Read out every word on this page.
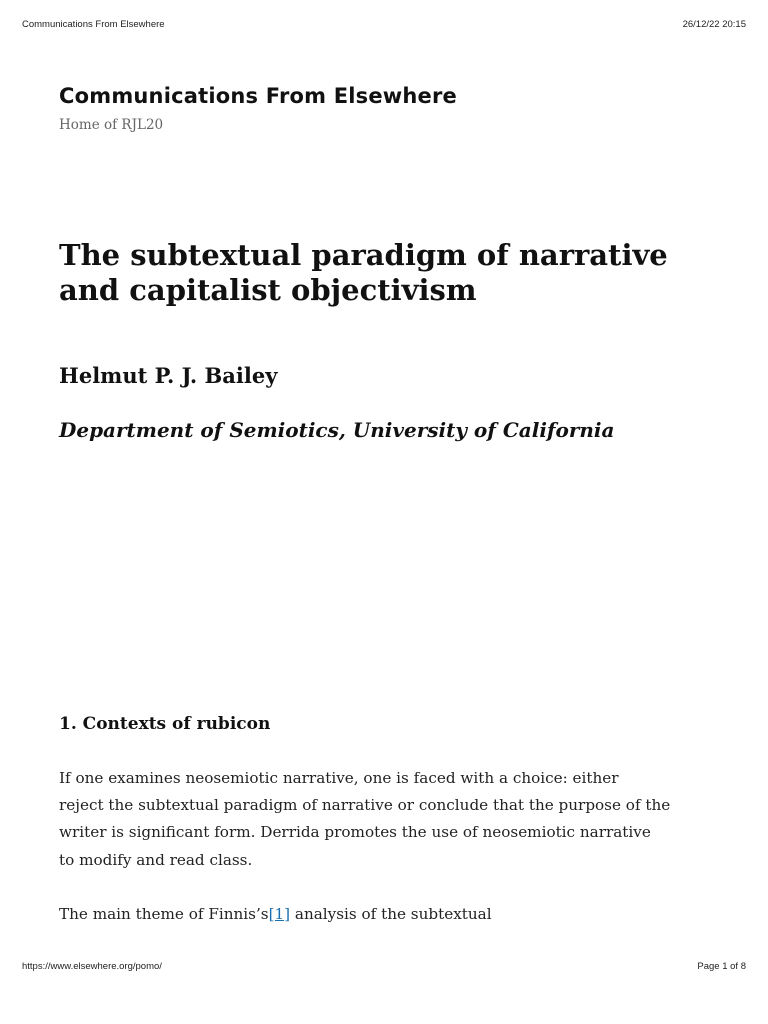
Communications From Elsewhere	26/12/22 20:15
Communications From Elsewhere
Home of RJL20
The subtextual paradigm of narrative and capitalist objectivism
Helmut P. J. Bailey
Department of Semiotics, University of California
1. Contexts of rubicon

If one examines neosemiotic narrative, one is faced with a choice: either
reject the subtextual paradigm of narrative or conclude that the purpose of the
writer is significant form. Derrida promotes the use of neosemiotic narrative
to modify and read class.

The main theme of Finnis’s[1] analysis of the subtextual

https://www.elsewhere.org/pomo/	Page 1 of 8
